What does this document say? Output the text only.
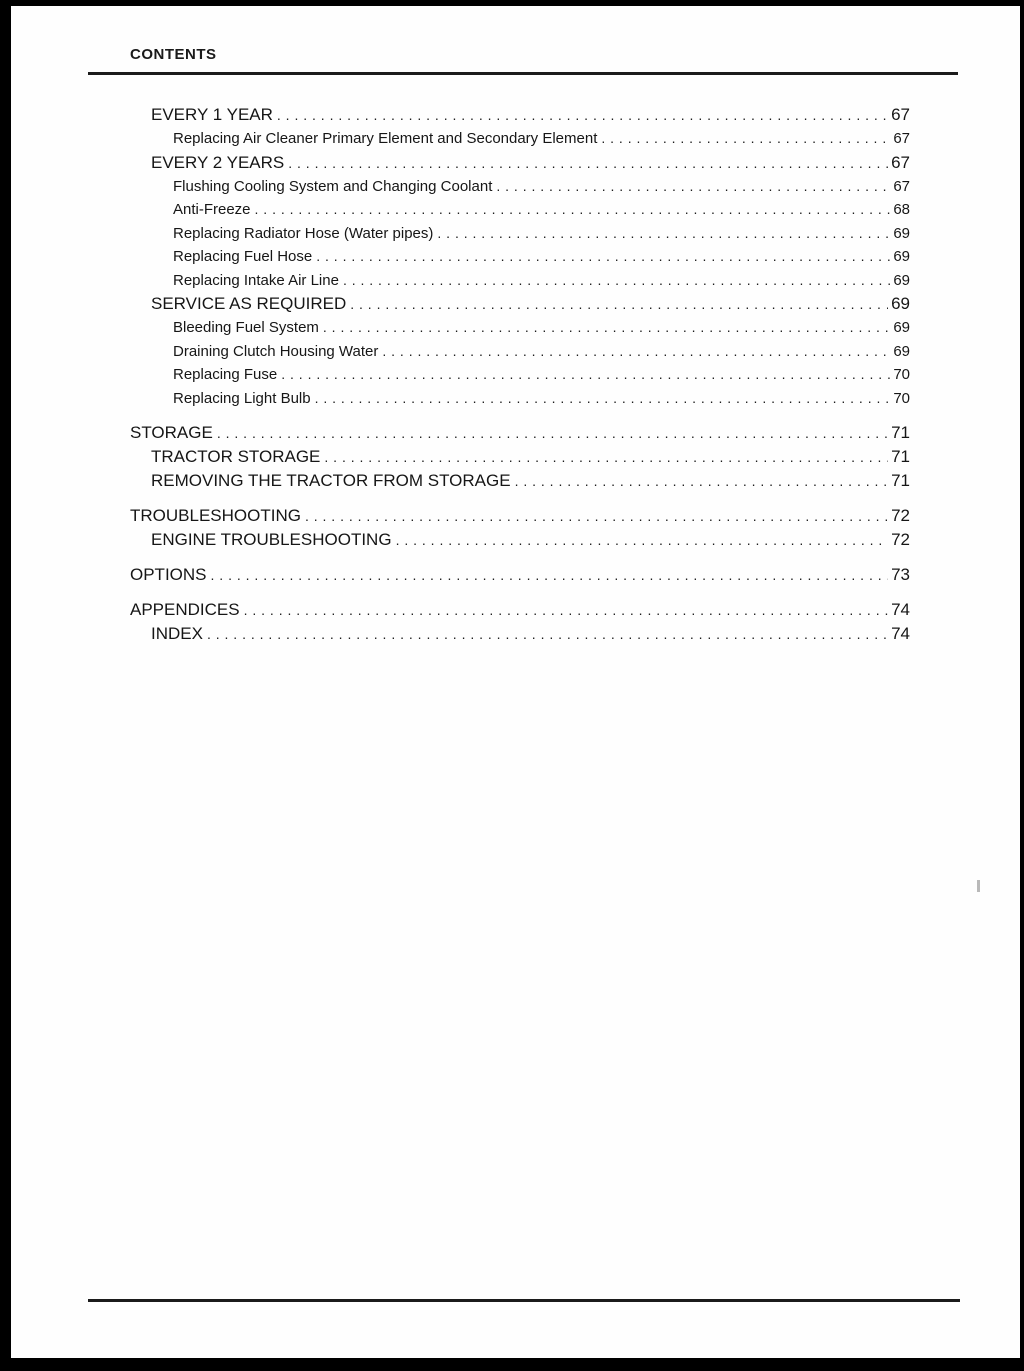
CONTENTS
EVERY 1 YEAR . . .	67
Replacing Air Cleaner Primary Element and Secondary Element . . .	67
EVERY 2 YEARS . . .	67
Flushing Cooling System and Changing Coolant . . .	67
Anti-Freeze . . .	68
Replacing Radiator Hose (Water pipes) . . .	69
Replacing Fuel Hose . . .	69
Replacing Intake Air Line . . .	69
SERVICE AS REQUIRED . . .	69
Bleeding Fuel System . . .	69
Draining Clutch Housing Water . . .	69
Replacing Fuse . . .	70
Replacing Light Bulb . . .	70
STORAGE . . .	71
TRACTOR STORAGE . . .	71
REMOVING THE TRACTOR FROM STORAGE . . .	71
TROUBLESHOOTING . . .	72
ENGINE TROUBLESHOOTING . . .	72
OPTIONS . . .	73
APPENDICES . . .	74
INDEX . . .	74
